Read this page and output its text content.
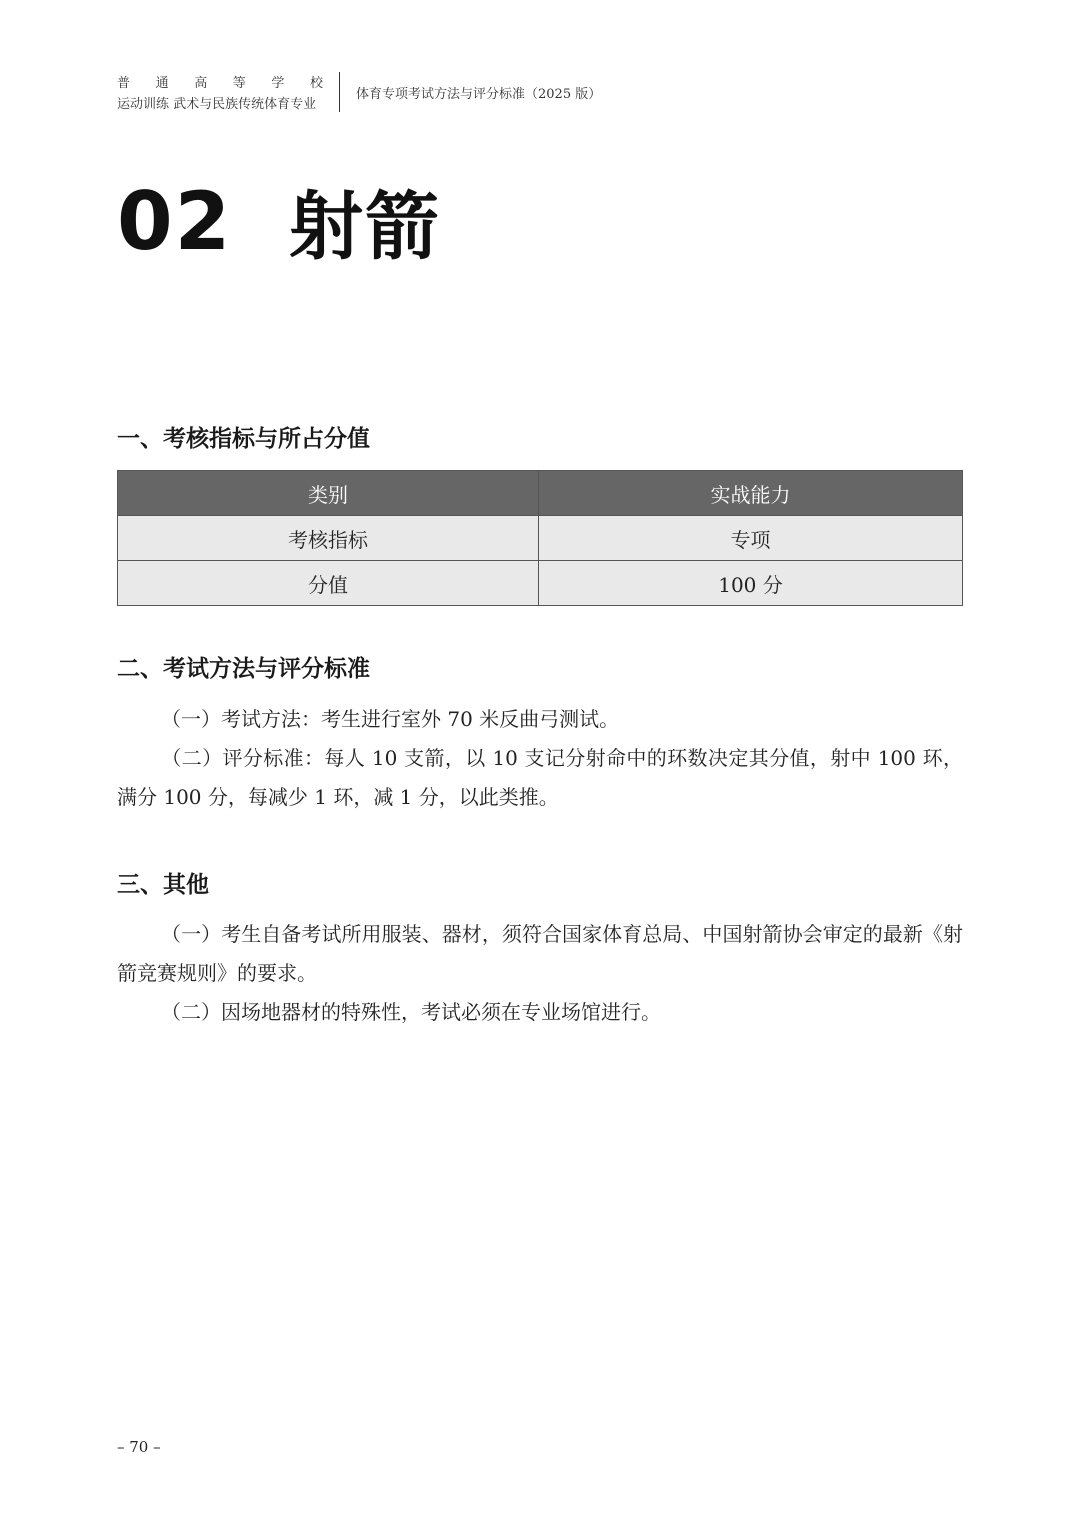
普 通 高 等 学 校
运动训练 武术与民族传统体育专业
体育专项考试方法与评分标准（2025 版）
02 射箭
一、考核指标与所占分值
类别	实战能力
考核指标	专项
分值	100 分
二、考试方法与评分标准
（一）考试方法：考生进行室外 70 米反曲弓测试。
（二）评分标准：每人 10 支箭，以 10 支记分射命中的环数决定其分值，射中 100 环，满分 100 分，每减少 1 环，减 1 分，以此类推。
三、其他
（一）考生自备考试所用服装、器材，须符合国家体育总局、中国射箭协会审定的最新《射箭竞赛规则》的要求。
（二）因场地器材的特殊性，考试必须在专业场馆进行。
– 70 –
